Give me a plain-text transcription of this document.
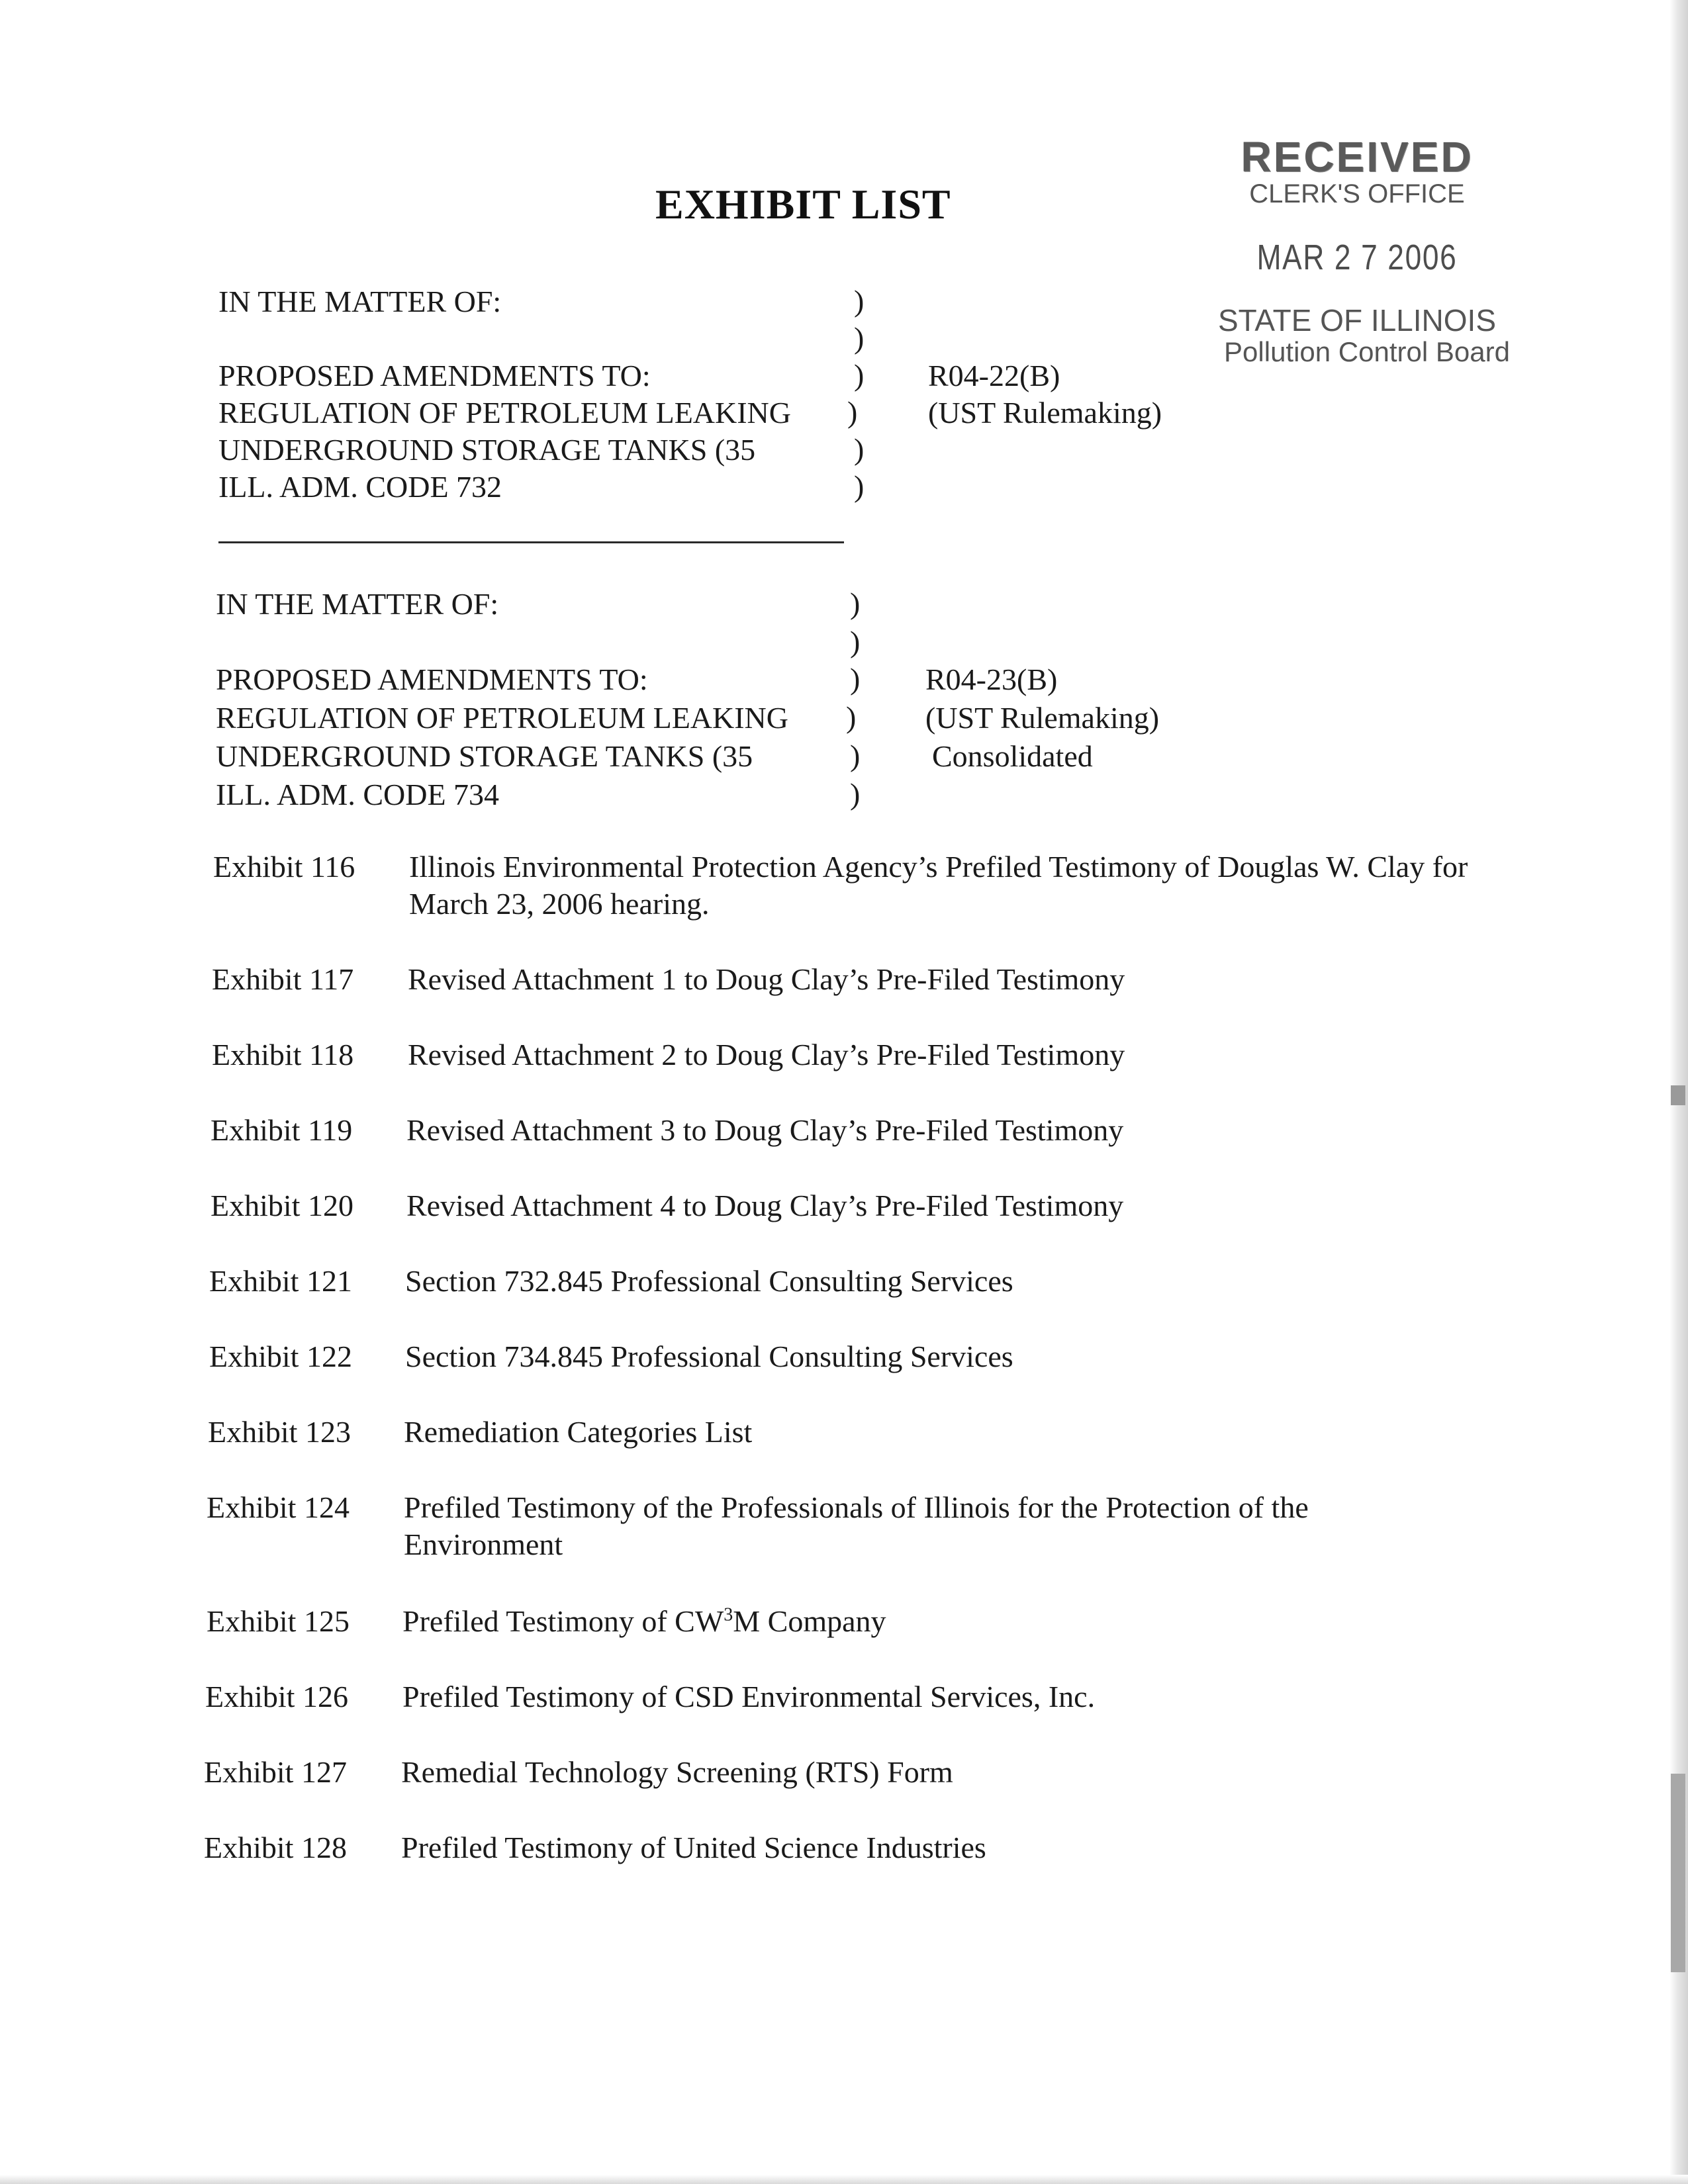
RECEIVED
CLERK'S OFFICE
MAR 2 7 2006
STATE OF ILLINOIS
Pollution Control Board
EXHIBIT LIST
IN THE MATTER OF:
PROPOSED AMENDMENTS TO:
REGULATION OF PETROLEUM LEAKING
UNDERGROUND STORAGE TANKS (35
ILL. ADM. CODE 732
)
)
)
)
)
)
R04-22(B)
(UST Rulemaking)
IN THE MATTER OF:
PROPOSED AMENDMENTS TO:
REGULATION OF PETROLEUM LEAKING
UNDERGROUND STORAGE TANKS (35
ILL. ADM. CODE 734
)
)
)
)
)
)
R04-23(B)
(UST Rulemaking)
Consolidated
Exhibit 116 Illinois Environmental Protection Agency’s Prefiled Testimony of Douglas W. Clay for March 23, 2006 hearing.
Exhibit 117 Revised Attachment 1 to Doug Clay’s Pre-Filed Testimony
Exhibit 118 Revised Attachment 2 to Doug Clay’s Pre-Filed Testimony
Exhibit 119 Revised Attachment 3 to Doug Clay’s Pre-Filed Testimony
Exhibit 120 Revised Attachment 4 to Doug Clay’s Pre-Filed Testimony
Exhibit 121 Section 732.845 Professional Consulting Services
Exhibit 122 Section 734.845 Professional Consulting Services
Exhibit 123 Remediation Categories List
Exhibit 124 Prefiled Testimony of the Professionals of Illinois for the Protection of the Environment
Exhibit 125 Prefiled Testimony of $CW^3M$ Company
Exhibit 126 Prefiled Testimony of CSD Environmental Services, Inc.
Exhibit 127 Remedial Technology Screening (RTS) Form
Exhibit 128 Prefiled Testimony of United Science Industries
